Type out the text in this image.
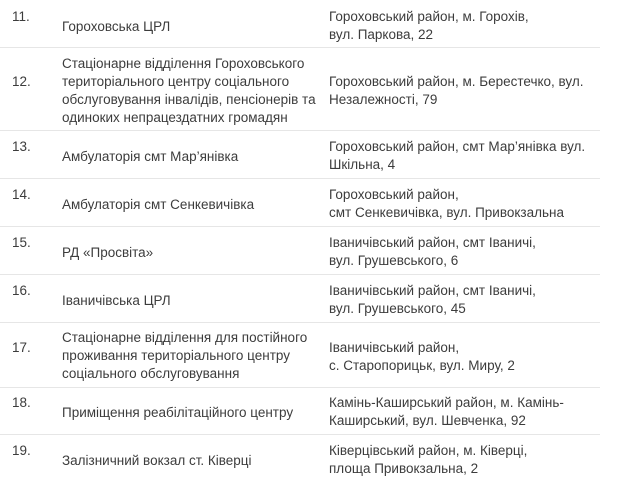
11.
Гороховська ЦРЛ
Гороховський район, м. Горохів,
вул. Паркова, 22
12.
Стаціонарне відділення Гороховського
територіального центру соціального
обслуговування інвалідів, пенсіонерів та
одиноких непрацездатних громадян
Гороховський район, м. Берестечко, вул.
Незалежності, 79
13.
Амбулаторія смт Мар’янівка
Гороховський район, смт Мар’янівка вул.
Шкільна, 4
14.
Амбулаторія смт Сенкевичівка
Гороховський район,
смт Сенкевичівка, вул. Привокзальна
15.
РД «Просвіта»
Іваничівський район, смт Іваничі,
вул. Грушевського, 6
16.
Іваничівська ЦРЛ
Іваничівський район, смт Іваничі,
вул. Грушевського, 45
17.
Стаціонарне відділення для постійного
проживання територіального центру
соціального обслуговування
Іваничівський район,
с. Старопорицьк, вул. Миру, 2
18.
Приміщення реабілітаційного центру
Камінь-Каширський район, м. Камінь-
Каширський, вул. Шевченка, 92
19.
Залізничний вокзал ст. Ківерці
Ківерцівський район, м. Ківерці,
площа Привокзальна, 2
